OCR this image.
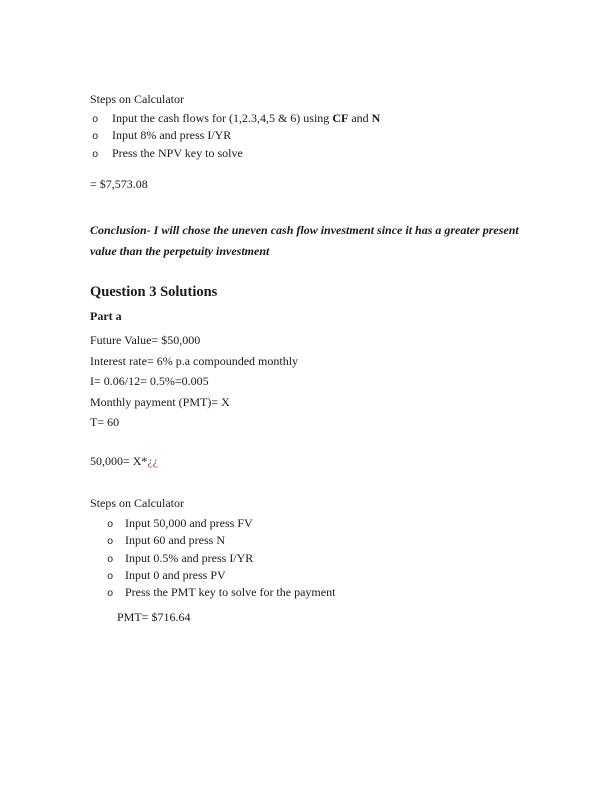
Steps on Calculator
o	Input the cash flows for (1,2.3,4,5 & 6) using CF and N
o	Input 8% and press I/YR
o	Press the NPV key to solve
= $7,573.08
Conclusion- I will chose the uneven cash flow investment since it has a greater present
value than the perpetuity investment
Question 3 Solutions
Part a
Future Value= $50,000
Interest rate= 6% p.a compounded monthly
I= 0.06/12= 0.5%=0.005
Monthly payment (PMT)= X
T= 60
50,000= X*¿¿
Steps on Calculator
o Input 50,000 and press FV
o Input 60 and press N
o Input 0.5% and press I/YR
o Input 0 and press PV
o Press the PMT key to solve for the payment
PMT= $716.64
